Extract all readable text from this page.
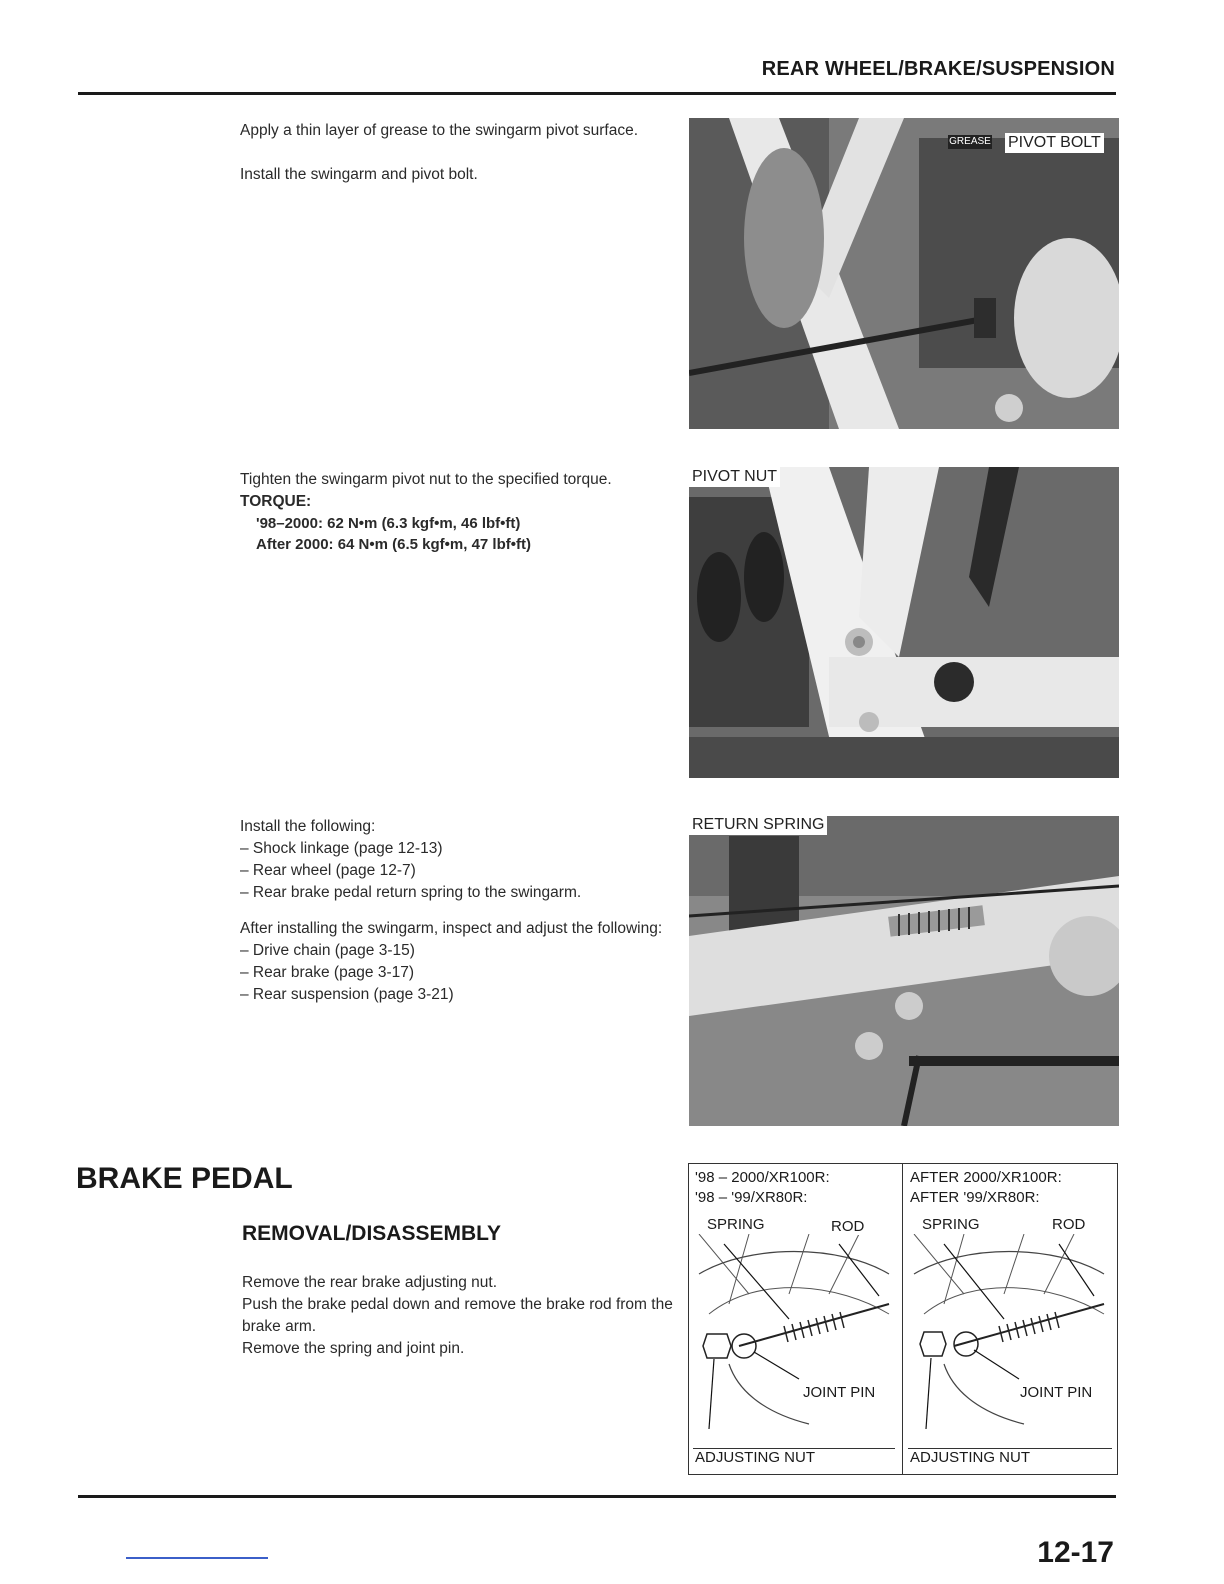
REAR WHEEL/BRAKE/SUSPENSION

Apply a thin layer of grease to the swingarm pivot surface.

Install the swingarm and pivot bolt.

GREASE PIVOT BOLT

Tighten the swingarm pivot nut to the specified torque.

TORQUE:

'98–2000: 62 N•m (6.3 kgf•m, 46 lbf•ft)

After 2000: 64 N•m (6.5 kgf•m, 47 lbf•ft)

PIVOT NUT

Install the following:

– Shock linkage (page 12-13)

– Rear wheel (page 12-7)

– Rear brake pedal return spring to the swingarm.

After installing the swingarm, inspect and adjust the following:

– Drive chain (page 3-15)

– Rear brake (page 3-17)

– Rear suspension (page 3-21)

RETURN SPRING
BRAKE PEDAL
REMOVAL/DISASSEMBLY

Remove the rear brake adjusting nut.

Push the brake pedal down and remove the brake rod from the brake arm.

Remove the spring and joint pin.

'98 – 2000/XR100R:
'98 – '99/XR80R:
SPRING	ROD
JOINT PIN
ADJUSTING NUT
AFTER 2000/XR100R:
AFTER '99/XR80R:
SPRING	ROD
JOINT PIN
ADJUSTING NUT
12-17
